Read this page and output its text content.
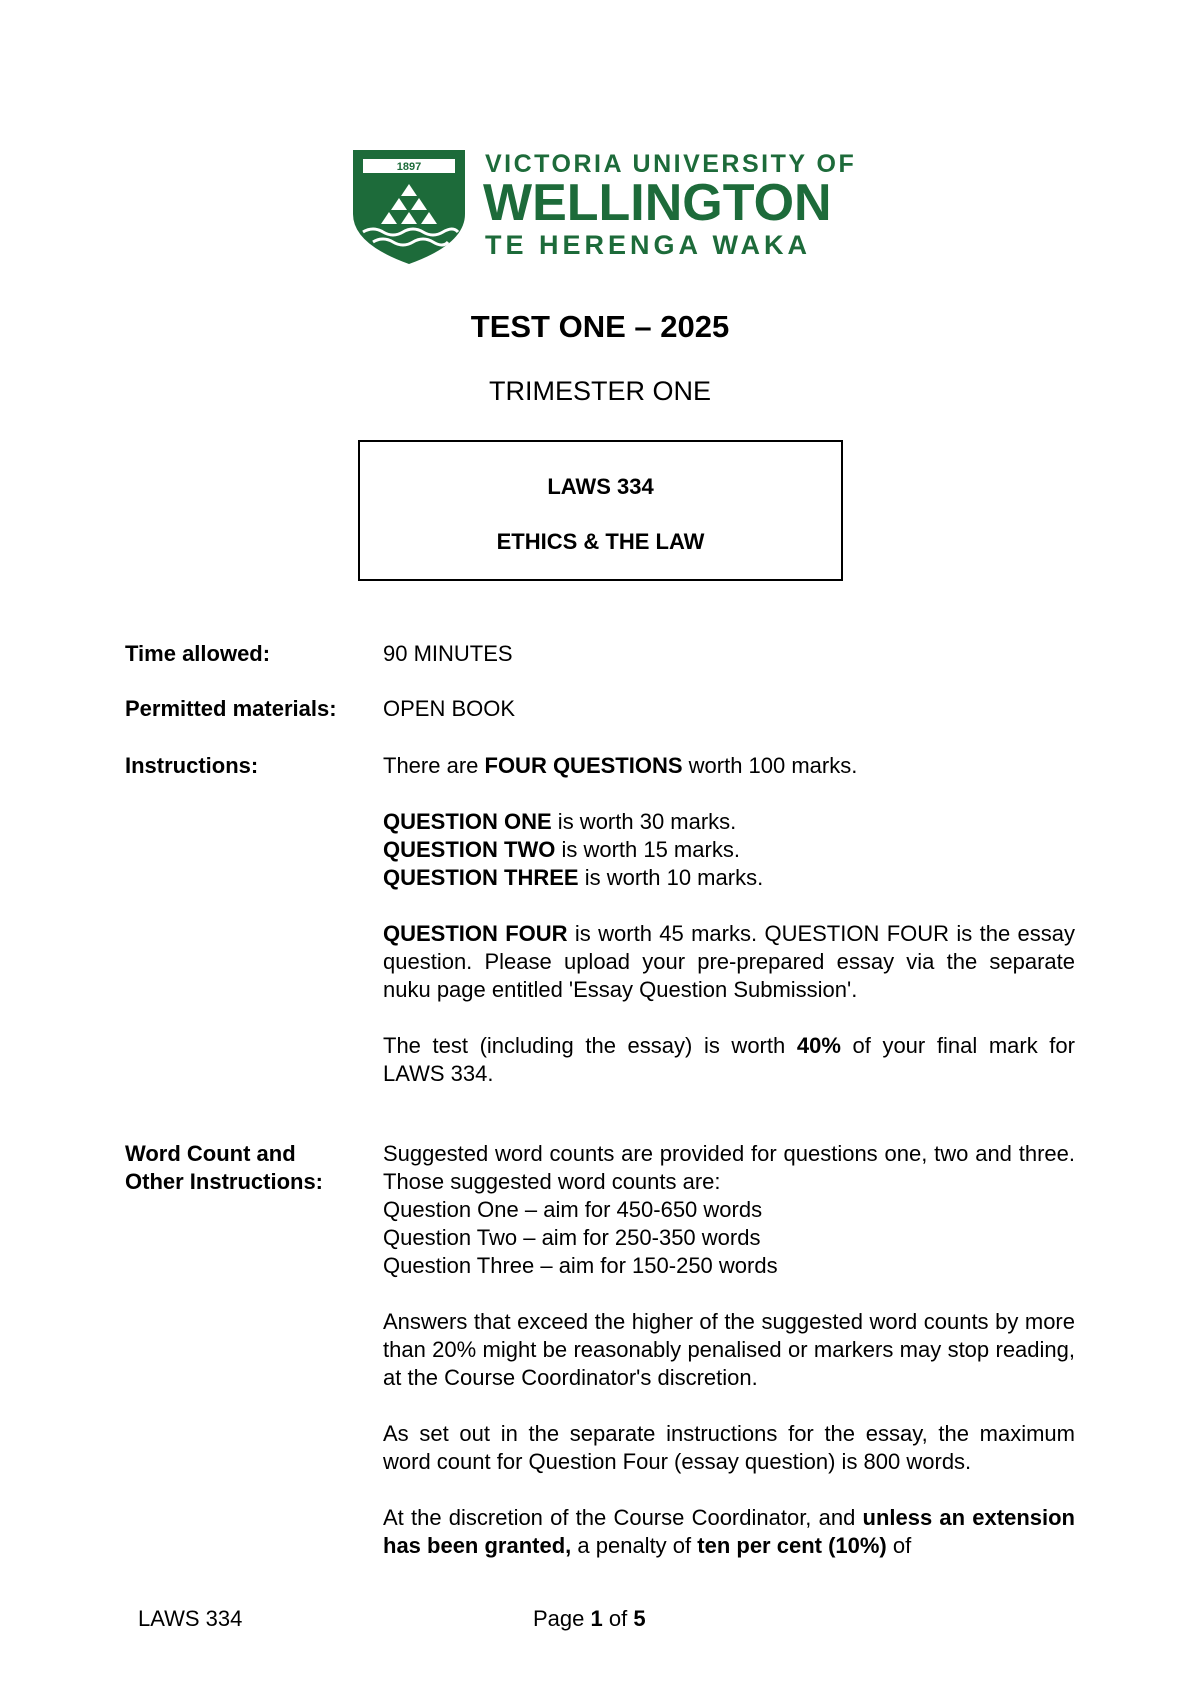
1897	VICTORIA UNIVERSITY OF
WELLINGTON
TE HERENGA WAKA
TEST ONE – 2025
TRIMESTER ONE
LAWS 334
ETHICS & THE LAW
Time allowed:	90 MINUTES
Permitted materials: OPEN BOOK
Instructions:	There are FOUR QUESTIONS worth 100 marks.

QUESTION ONE is worth 30 marks.

QUESTION TWO is worth 15 marks.

QUESTION THREE is worth 10 marks.

QUESTION FOUR is worth 45 marks. QUESTION FOUR is the essay question. Please upload your pre-prepared essay via the separate nuku page entitled 'Essay Question Submission'.

The test (including the essay) is worth 40% of your final mark for LAWS 334.

Word Count and
Other Instructions:

Suggested word counts are provided for questions one, two and three. Those suggested word counts are:

Question One – aim for 450-650 words

Question Two – aim for 250-350 words

Question Three – aim for 150-250 words

Answers that exceed the higher of the suggested word counts by more than 20% might be reasonably penalised or markers may stop reading, at the Course Coordinator's discretion.

As set out in the separate instructions for the essay, the maximum word count for Question Four (essay question) is 800 words.

At the discretion of the Course Coordinator, and unless an extension has been granted, a penalty of ten per cent (10%) of

LAWS 334	Page 1 of 5
